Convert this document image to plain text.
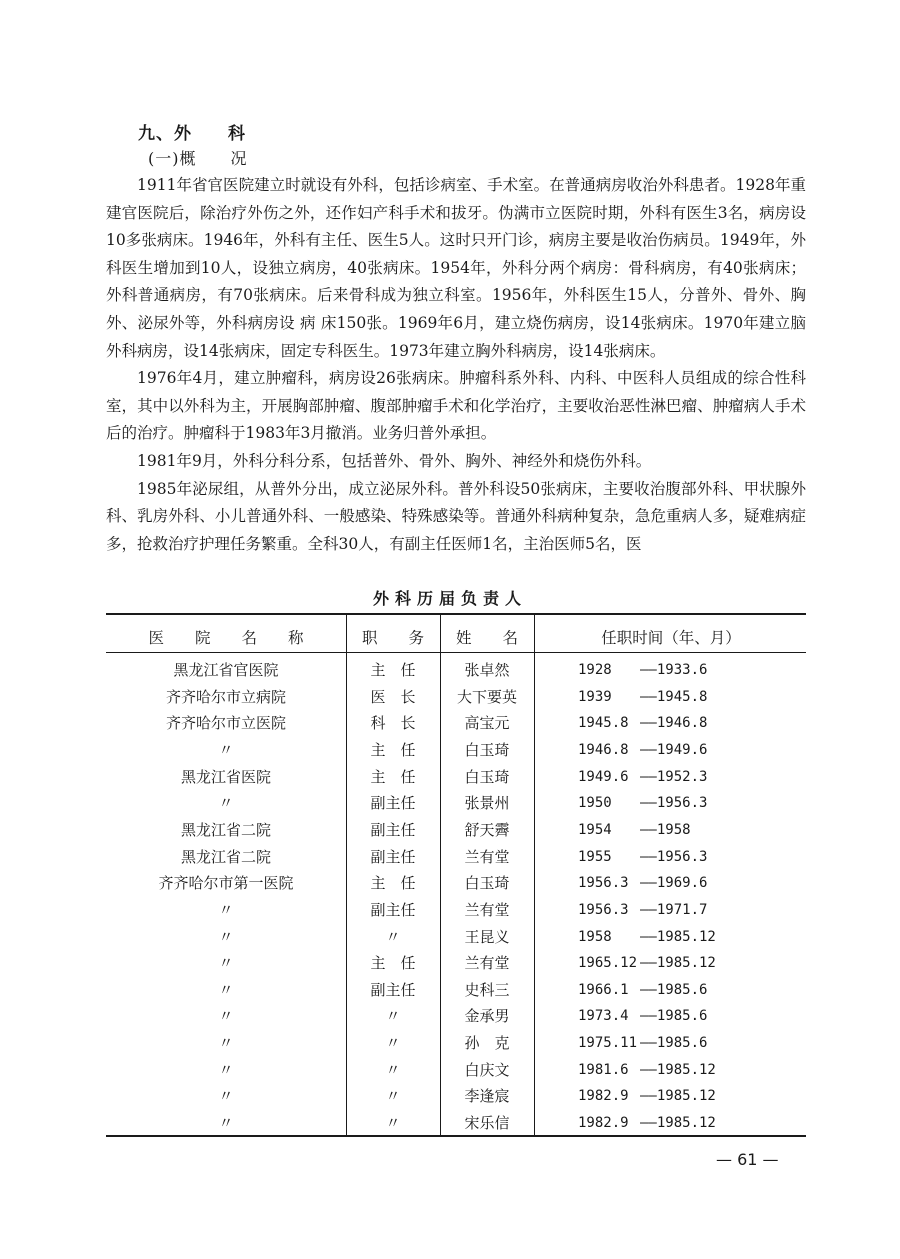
九、外　　科
(一)概　　况

1911年省官医院建立时就设有外科，包括诊病室、手术室。在普通病房收治外科患者。1928年重建官医院后，除治疗外伤之外，还作妇产科手术和拔牙。伪满市立医院时期，外科有医生3名，病房设10多张病床。1946年，外科有主任、医生5人。这时只开门诊，病房主要是收治伤病员。1949年，外科医生增加到10人，设独立病房，40张病床。1954年，外科分两个病房：骨科病房，有40张病床；外科普通病房，有70张病床。后来骨科成为独立科室。1956年，外科医生15人，分普外、骨外、胸外、泌尿外等，外科病房设 病 床150张。1969年6月，建立烧伤病房，设14张病床。1970年建立脑外科病房，设14张病床，固定专科医生。1973年建立胸外科病房，设14张病床。

1976年4月，建立肿瘤科，病房设26张病床。肿瘤科系外科、内科、中医科人员组成的综合性科室，其中以外科为主，开展胸部肿瘤、腹部肿瘤手术和化学治疗，主要收治恶性淋巴瘤、肿瘤病人手术后的治疗。肿瘤科于1983年3月撤消。业务归普外承担。

1981年9月，外科分科分系，包括普外、骨外、胸外、神经外和烧伤外科。

1985年泌尿组，从普外分出，成立泌尿外科。普外科设50张病床，主要收治腹部外科、甲状腺外科、乳房外科、小儿普通外科、一般感染、特殊感染等。普通外科病种复杂，急危重病人多，疑难病症多，抢救治疗护理任务繁重。全科30人，有副主任医师1名，主治医师5名，医

外科历届负责人
医　　院　　名　　称	职　　务	姓　　名	任职时间（年、月）
黑龙江省官医院	主　任	张卓然	1928 ——1933.6
齐齐哈尔市立病院	医　长	大下要英	1939 ——1945.8
齐齐哈尔市立医院	科　长	高宝元	1945.8 ——1946.8
〃	主　任	白玉琦	1946.8 ——1949.6
黑龙江省医院	主　任	白玉琦	1949.6 ——1952.3
〃	副主任	张景州	1950 ——1956.3
黑龙江省二院	副主任	舒天霽	1954 ——1958
黑龙江省二院	副主任	兰有堂	1955 ——1956.3
齐齐哈尔市第一医院	主　任	白玉琦	1956.3 ——1969.6
〃	副主任	兰有堂	1956.3 ——1971.7
〃	〃	王昆义	1958 ——1985.12
〃	主　任	兰有堂	1965.12 ——1985.12
〃	副主任	史科三	1966.1 ——1985.6
〃	〃	金承男	1973.4 ——1985.6
〃	〃	孙　克	1975.11 ——1985.6
〃	〃	白庆文	1981.6 ——1985.12
〃	〃	李逢宸	1982.9 ——1985.12
〃	〃	宋乐信	1982.9 ——1985.12
— 61 —
